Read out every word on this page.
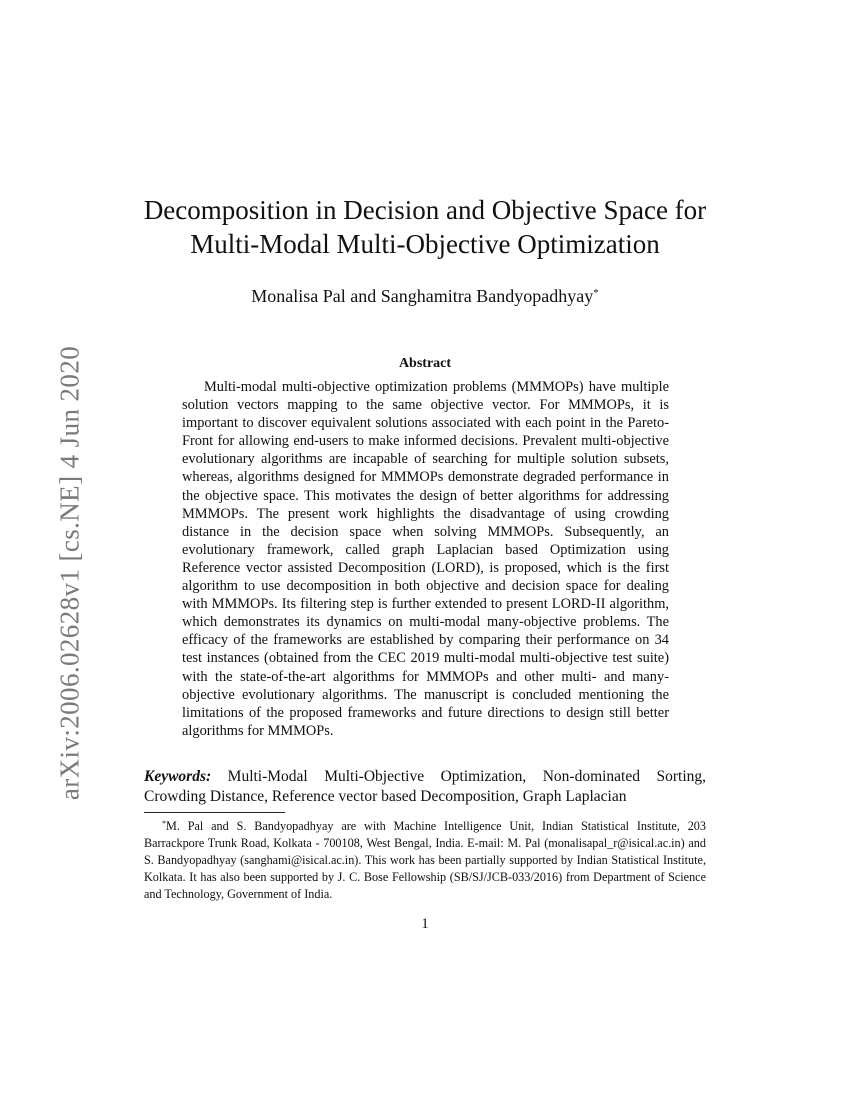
arXiv:2006.02628v1 [cs.NE] 4 Jun 2020
Decomposition in Decision and Objective Space for
Multi-Modal Multi-Objective Optimization
Monalisa Pal and Sanghamitra Bandyopadhyay*
Abstract
Multi-modal multi-objective optimization problems (MMMOPs) have multiple solution vectors mapping to the same objective vector. For MMMOPs, it is important to discover equivalent solutions associated with each point in the Pareto-Front for allowing end-users to make informed decisions. Prevalent multi-objective evolutionary algorithms are incapable of searching for multiple solution subsets, whereas, algorithms designed for MMMOPs demonstrate degraded performance in the objective space. This motivates the design of better algorithms for addressing MMMOPs. The present work highlights the disadvantage of using crowding distance in the decision space when solving MMMOPs. Subsequently, an evolutionary framework, called graph Laplacian based Optimization using Reference vector assisted Decomposition (LORD), is proposed, which is the first algorithm to use decomposition in both objective and decision space for dealing with MMMOPs. Its filtering step is further extended to present LORD-II algorithm, which demonstrates its dynamics on multi-modal many-objective problems. The efficacy of the frameworks are established by comparing their performance on 34 test instances (obtained from the CEC 2019 multi-modal multi-objective test suite) with the state-of-the-art algorithms for MMMOPs and other multi- and many-objective evolutionary algorithms. The manuscript is concluded mentioning the limitations of the proposed frameworks and future directions to design still better algorithms for MMMOPs.
Keywords: Multi-Modal Multi-Objective Optimization, Non-dominated Sorting, Crowding Distance, Reference vector based Decomposition, Graph Laplacian
*M. Pal and S. Bandyopadhyay are with Machine Intelligence Unit, Indian Statistical Institute, 203 Barrackpore Trunk Road, Kolkata - 700108, West Bengal, India. E-mail: M. Pal (monalisapal_r@isical.ac.in) and S. Bandyopadhyay (sanghami@isical.ac.in). This work has been partially supported by Indian Statistical Institute, Kolkata. It has also been supported by J. C. Bose Fellowship (SB/SJ/JCB-033/2016) from Department of Science and Technology, Government of India.
1
